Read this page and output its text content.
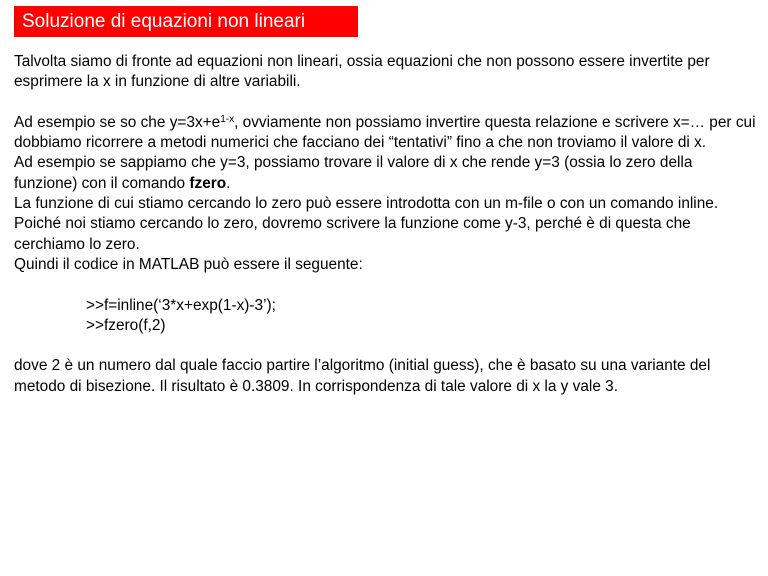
Soluzione di equazioni non lineari

Talvolta siamo di fronte ad equazioni non lineari, ossia equazioni che non possono essere invertite per esprimere la x in funzione di altre variabili.

Ad esempio se so che $y=3x+e^{1-x}$, ovviamente non possiamo invertire questa relazione e scrivere x=… per cui dobbiamo ricorrere a metodi numerici che facciano dei “tentativi” fino a che non troviamo il valore di x.

Ad esempio se sappiamo che y=3, possiamo trovare il valore di x che rende y=3 (ossia lo zero della funzione) con il comando fzero.

La funzione di cui stiamo cercando lo zero può essere introdotta con un m-file o con un comando inline. Poiché noi stiamo cercando lo zero, dovremo scrivere la funzione come y-3, perché è di questa che cerchiamo lo zero.

Quindi il codice in MATLAB può essere il seguente:

>>f=inline(‘3*x+exp(1-x)-3’);

>>fzero(f,2)

dove 2 è un numero dal quale faccio partire l’algoritmo (initial guess), che è basato su una variante del metodo di bisezione. Il risultato è 0.3809. In corrispondenza di tale valore di x la y vale 3.
